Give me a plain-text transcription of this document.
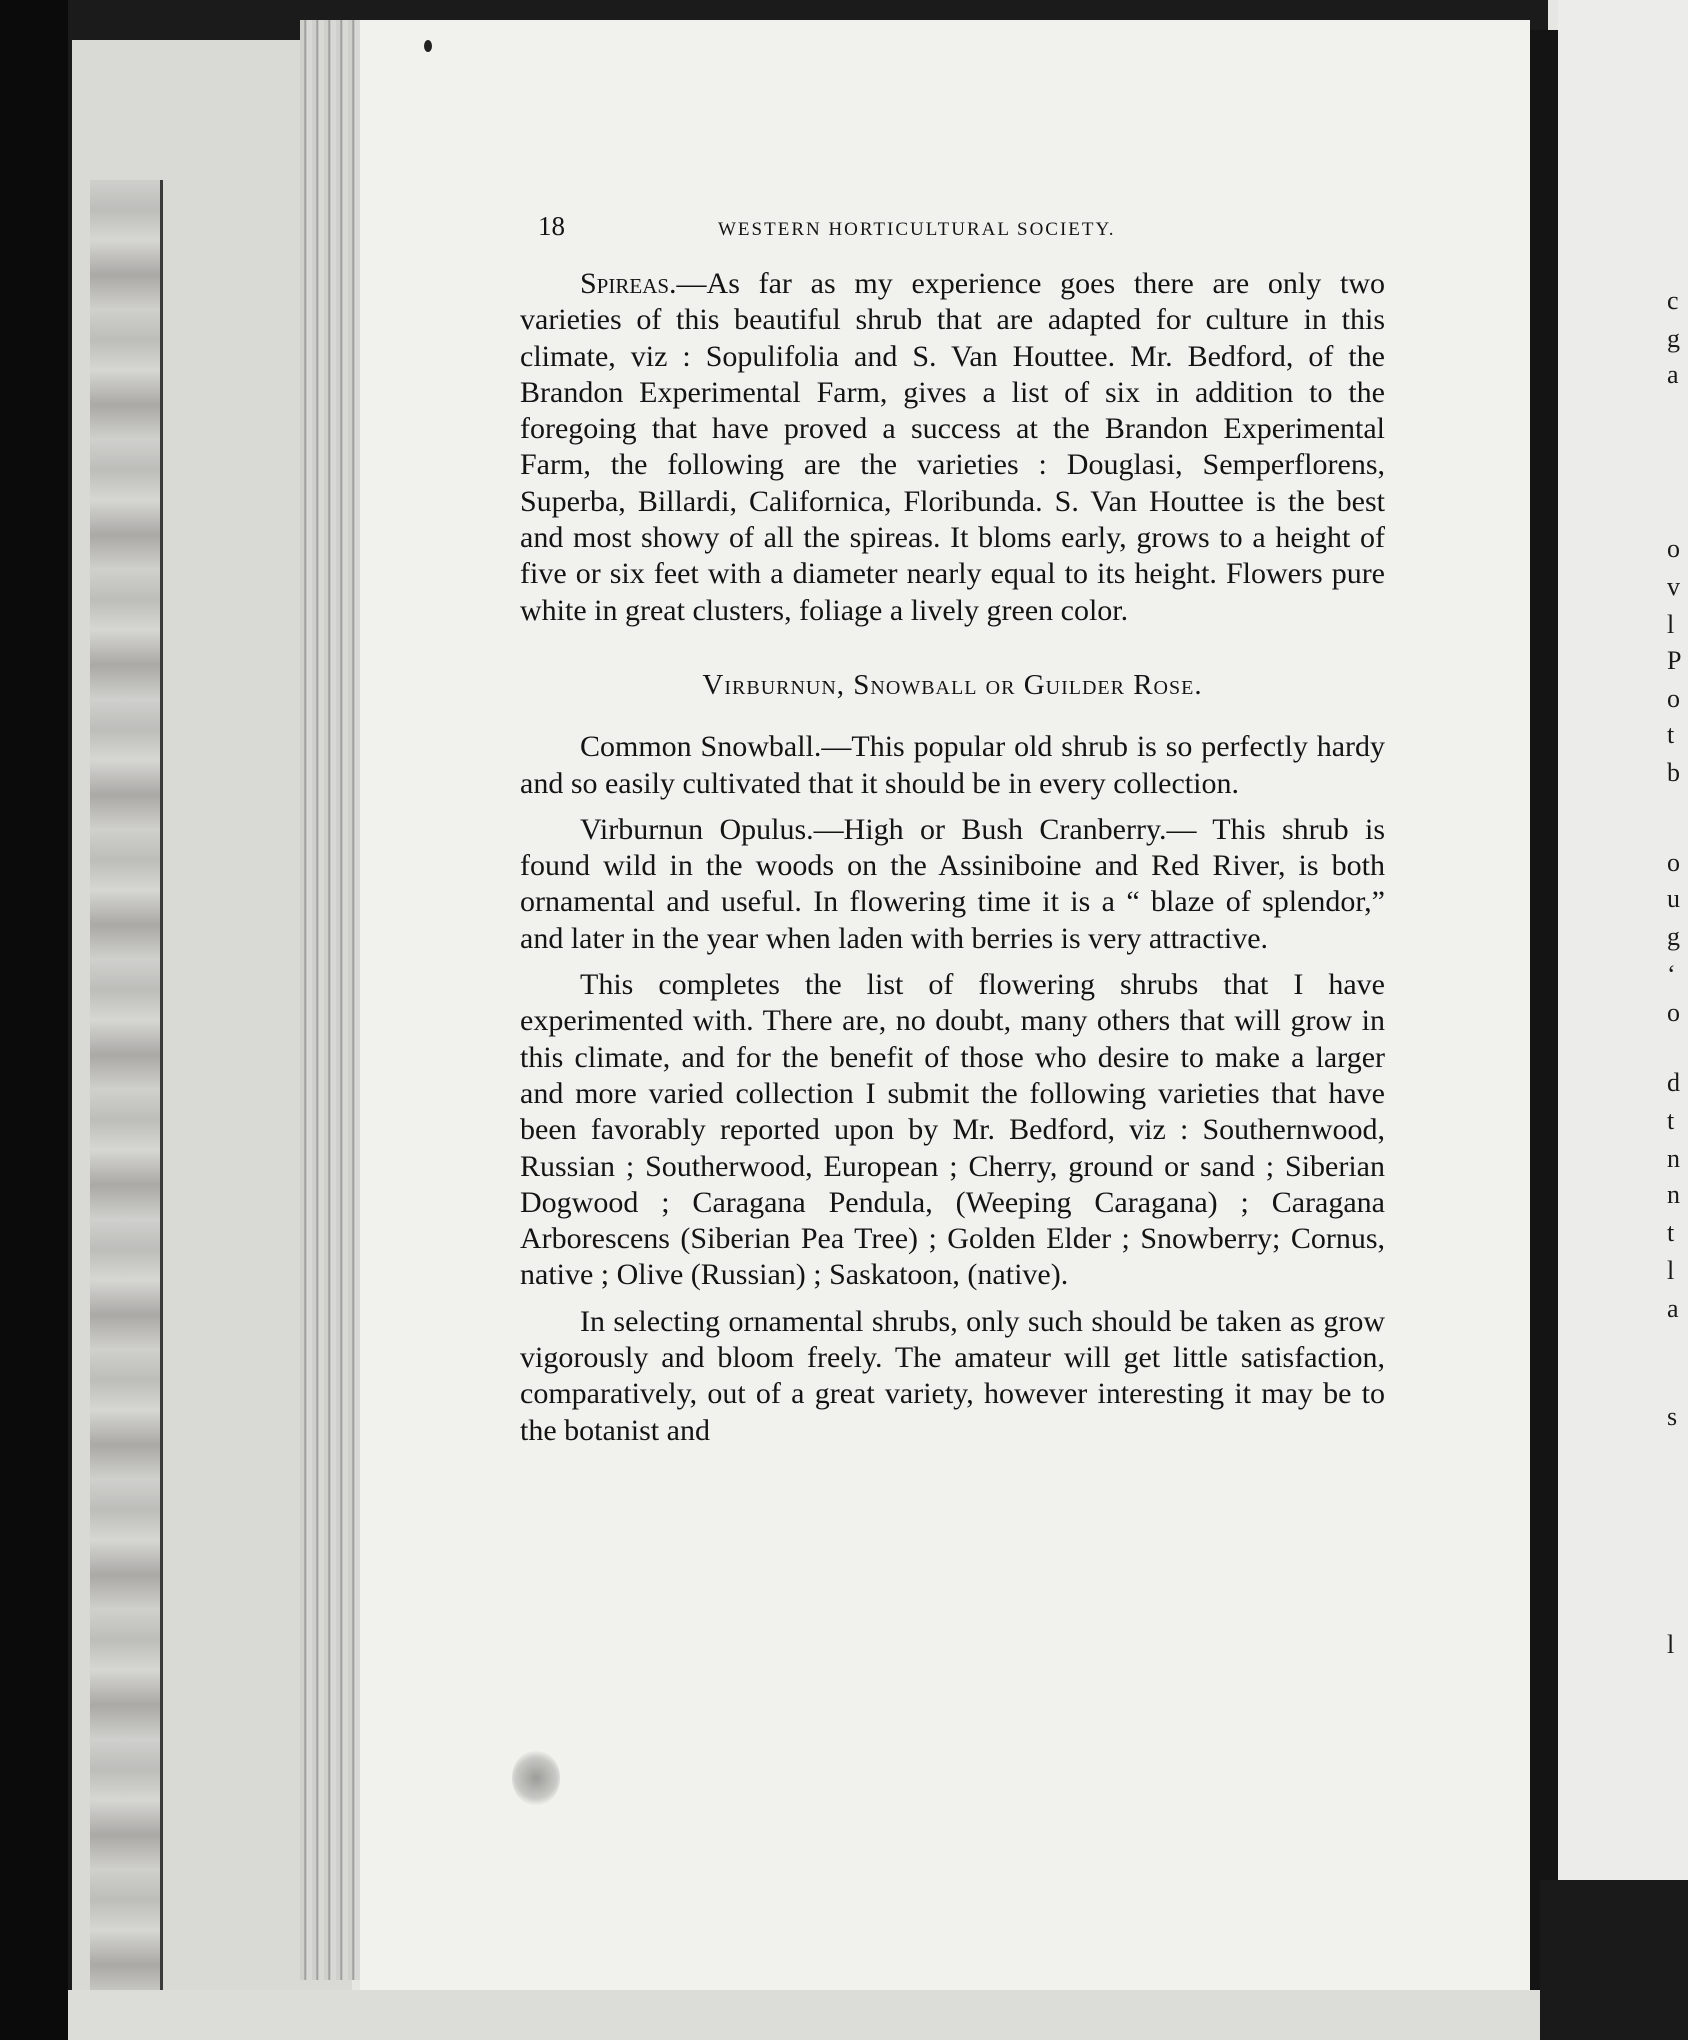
18	WESTERN HORTICULTURAL SOCIETY.

Spireas.—As far as my experience goes there are only two varieties of this beautiful shrub that are adapted for culture in this climate, viz : Sopulifolia and S. Van Houttee. Mr. Bedford, of the Brandon Experimental Farm, gives a list of six in addition to the foregoing that have proved a success at the Brandon Experimental Farm, the following are the varieties : Douglasi, Semperflorens, Superba, Billardi, Californica, Floribunda. S. Van Houttee is the best and most showy of all the spireas. It bloms early, grows to a height of five or six feet with a diameter nearly equal to its height. Flowers pure white in great clusters, foliage a lively green color.

Virburnun, Snowball or Guilder Rose.

Common Snowball.—This popular old shrub is so perfectly hardy and so easily cultivated that it should be in every collection.

Virburnun Opulus.—High or Bush Cranberry.— This shrub is found wild in the woods on the Assiniboine and Red River, is both ornamental and useful. In flowering time it is a “ blaze of splendor,” and later in the year when laden with berries is very attractive.

This completes the list of flowering shrubs that I have experimented with. There are, no doubt, many others that will grow in this climate, and for the benefit of those who desire to make a larger and more varied collection I submit the following varieties that have been favorably reported upon by Mr. Bedford, viz : Southernwood, Russian ; Southerwood, European ; Cherry, ground or sand ; Siberian Dogwood ; Caragana Pendula, (Weeping Caragana) ; Caragana Arborescens (Siberian Pea Tree) ; Golden Elder ; Snowberry; Cornus, native ; Olive (Russian) ; Saskatoon, (native).

In selecting ornamental shrubs, only such should be taken as grow vigorously and bloom freely. The amateur will get little satisfaction, comparatively, out of a great variety, however interesting it may be to the botanist and

c
g
a
o
v
l
P
o
t
b
o
u
g
‘
o
d
t
n
n
t
l
a
s
l
